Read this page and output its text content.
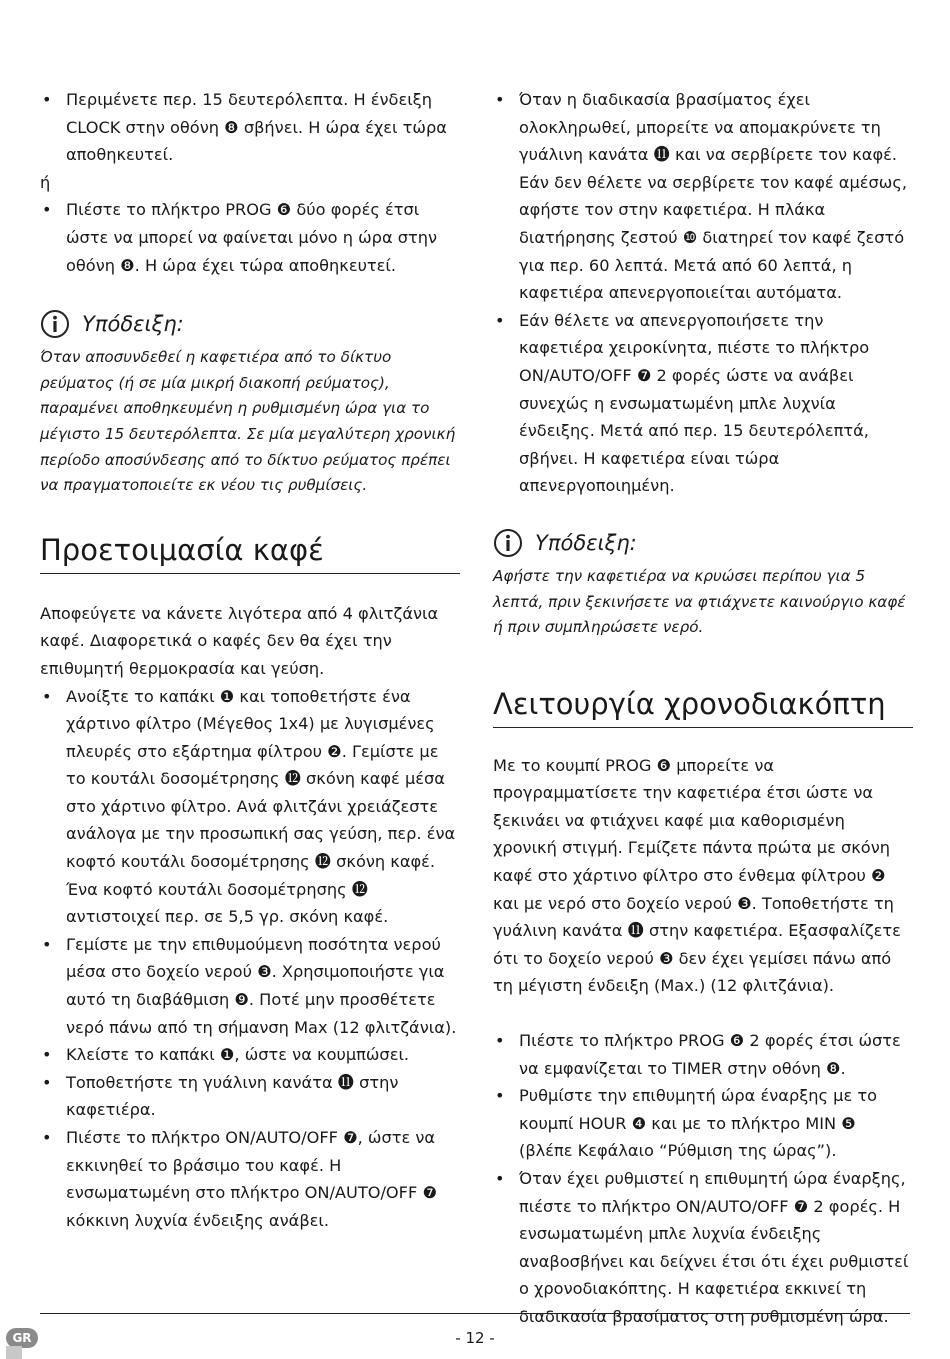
• Περιμένετε περ. 15 δευτερόλεπτα. Η ένδειξη CLOCK στην οθόνη ❽ σβήνει. Η ώρα έχει τώρα αποθηκευτεί.

ή

• Πιέστε το πλήκτρο PROG ❻ δύο φορές έτσι ώστε να μπορεί να φαίνεται μόνο η ώρα στην οθόνη ❽. Η ώρα έχει τώρα αποθηκευτεί.
Υπόδειξη:

Όταν αποσυνδεθεί η καφετιέρα από το δίκτυο ρεύματος (ή σε μία μικρή διακοπή ρεύματος), παραμένει αποθηκευμένη η ρυθμισμένη ώρα για το μέγιστο 15 δευτερόλεπτα. Σε μία μεγαλύτερη χρονική περίοδο αποσύνδεσης από το δίκτυο ρεύματος πρέπει να πραγματοποιείτε εκ νέου τις ρυθμίσεις.

Προετοιμασία καφέ

Αποφεύγετε να κάνετε λιγότερα από 4 φλιτζάνια καφέ. Διαφορετικά ο καφές δεν θα έχει την επιθυμητή θερμοκρασία και γεύση.

• Ανοίξτε το καπάκι ❶ και τοποθετήστε ένα χάρτινο φίλτρο (Μέγεθος 1x4) με λυγισμένες πλευρές στο εξάρτημα φίλτρου ❷. Γεμίστε με το κουτάλι δοσομέτρησης ⓬ σκόνη καφέ μέσα στο χάρτινο φίλτρο. Ανά φλιτζάνι χρειάζεστε ανάλογα με την προσωπική σας γεύση, περ. ένα κοφτό κουτάλι δοσομέτρησης ⓬ σκόνη καφέ. Ένα κοφτό κουτάλι δοσομέτρησης ⓬ αντιστοιχεί περ. σε 5,5 γρ. σκόνη καφέ.
• Γεμίστε με την επιθυμούμενη ποσότητα νερού μέσα στο δοχείο νερού ❸. Χρησιμοποιήστε για αυτό τη διαβάθμιση ❾. Ποτέ μην προσθέτετε νερό πάνω από τη σήμανση Max (12 φλιτζάνια).
• Κλείστε το καπάκι ❶, ώστε να κουμπώσει.
• Τοποθετήστε τη γυάλινη κανάτα ⓫ στην καφετιέρα.
• Πιέστε το πλήκτρο ON/AUTO/OFF ❼, ώστε να εκκινηθεί το βράσιμο του καφέ. Η ενσωματωμένη στο πλήκτρο ON/AUTO/OFF ❼ κόκκινη λυχνία ένδειξης ανάβει.
• Όταν η διαδικασία βρασίματος έχει ολοκληρωθεί, μπορείτε να απομακρύνετε τη γυάλινη κανάτα ⓫ και να σερβίρετε τον καφέ. Εάν δεν θέλετε να σερβίρετε τον καφέ αμέσως, αφήστε τον στην καφετιέρα. Η πλάκα διατήρησης ζεστού ❿ διατηρεί τον καφέ ζεστό για περ. 60 λεπτά. Μετά από 60 λεπτά, η καφετιέρα απενεργοποιείται αυτόματα.
• Εάν θέλετε να απενεργοποιήσετε την καφετιέρα χειροκίνητα, πιέστε το πλήκτρο ON/AUTO/OFF ❼ 2 φορές ώστε να ανάβει συνεχώς η ενσωματωμένη μπλε λυχνία ένδειξης. Μετά από περ. 15 δευτερόλεπτά, σβήνει. Η καφετιέρα είναι τώρα απενεργοποιημένη.
Υπόδειξη:

Αφήστε την καφετιέρα να κρυώσει περίπου για 5 λεπτά, πριν ξεκινήσετε να φτιάχνετε καινούργιο καφέ ή πριν συμπληρώσετε νερό.

Λειτουργία χρονοδιακόπτη

Με το κουμπί PROG ❻ μπορείτε να προγραμματίσετε την καφετιέρα έτσι ώστε να ξεκινάει να φτιάχνει καφέ μια καθορισμένη χρονική στιγμή. Γεμίζετε πάντα πρώτα με σκόνη καφέ στο χάρτινο φίλτρο στο ένθεμα φίλτρου ❷ και με νερό στο δοχείο νερού ❸. Τοποθετήστε τη γυάλινη κανάτα ⓫ στην καφετιέρα. Εξασφαλίζετε ότι το δοχείο νερού ❸ δεν έχει γεμίσει πάνω από τη μέγιστη ένδειξη (Max.) (12 φλιτζάνια).

• Πιέστε το πλήκτρο PROG ❻ 2 φορές έτσι ώστε να εμφανίζεται το TIMER στην οθόνη ❽.
• Ρυθμίστε την επιθυμητή ώρα έναρξης με το κουμπί HOUR ❹ και με το πλήκτρο MIN ❺ (βλέπε Κεφάλαιο “Ρύθμιση της ώρας”).
• Όταν έχει ρυθμιστεί η επιθυμητή ώρα έναρξης, πιέστε το πλήκτρο ON/AUTO/OFF ❼ 2 φορές. Η ενσωματωμένη μπλε λυχνία ένδειξης αναβοσβήνει και δείχνει έτσι ότι έχει ρυθμιστεί ο χρονοδιακόπτης. Η καφετιέρα εκκινεί τη διαδικασία βρασίματος στη ρυθμισμένη ώρα.
GR	- 12 -
